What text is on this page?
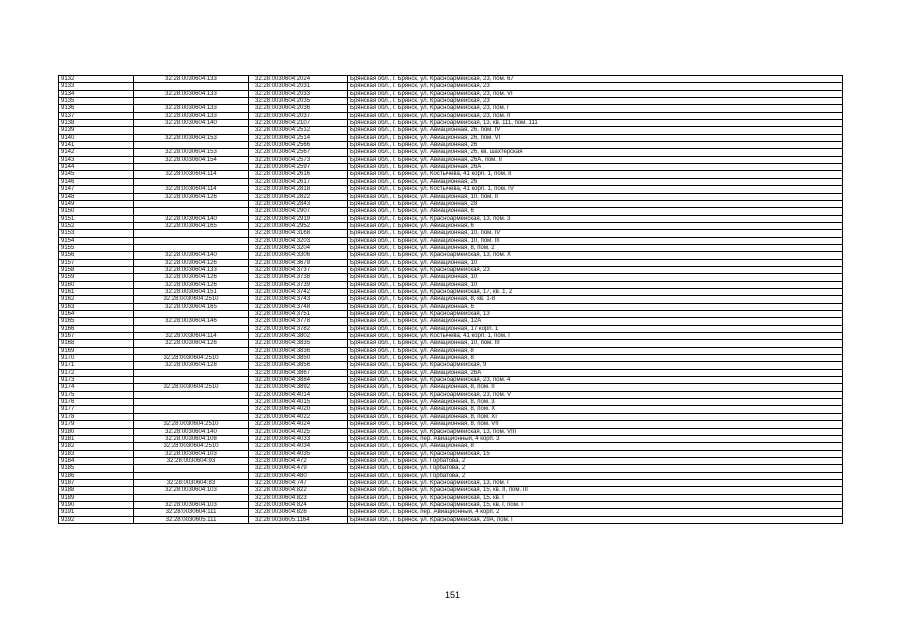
9132	32:28:0030604:133	32:28:0030604:2024	Брянская обл., г. Брянск, ул. Красноармейская, 23, пом. 67
9133		32:28:0030604:2031	Брянская обл., г. Брянск, ул. Красноармейская, 23
9134	32:28:0030604:133	32:28:0030604:2033	Брянская обл., г. Брянск, ул. Красноармейская, 23, пом. VI
9135		32:28:0030604:2035	Брянская обл., г. Брянск, ул. Красноармейская, 23
9136	32:28:0030604:133	32:28:0030604:2036	Брянская обл., г. Брянск, ул. Красноармейская, 23, пом. I
9137	32:28:0030604:133	32:28:0030604:2037	Брянская обл., г. Брянск, ул. Красноармейская, 23, пом. II
9138	32:28:0030604:140	32:28:0030604:2107	Брянская обл., г. Брянск, ул. Красноармейская, 13, кв. 111, пом. 111
9139		32:28:0030604:2512	Брянская обл., г. Брянск, ул. Авиационная, 26, пом. IV
9140	32:28:0030604:153	32:28:0030604:2514	Брянская обл., г. Брянск, ул. Авиационная, 26, пом. VI
9141		32:28:0030604:2566	Брянская обл., г. Брянск, ул. Авиационная, 26
9142	32:28:0030604:153	32:28:0030604:2567	Брянская обл., г. Брянск, ул. Авиационная, 26, кв. шахтерская
9143	32:28:0030604:154	32:28:0030604:2573	Брянская обл., г. Брянск, ул. Авиационная, 26А, пом. II
9144		32:28:0030604:2597	Брянская обл., г. Брянск, ул. Авиационная, 26А
9145	32:28:0030604:114	32:28:0030604:2616	Брянская обл., г. Брянск, ул. Костычева, 41 корп. 1, пом. II
9146		32:28:0030604:2617	Брянская обл., г. Брянск, ул. Авиационная, 26
9147	32:28:0030604:114	32:28:0030604:2818	Брянская обл., г. Брянск, ул. Костычева, 41 корп. 1, пом. IV
9148	32:28:0030604:126	32:28:0030604:2822	Брянская обл., г. Брянск, ул. Авиационная, 10, пом. II
9149		32:28:0030604:2843	Брянская обл., г. Брянск, ул. Авиационная, 28
9150		32:28:0030604:2907	Брянская обл., г. Брянск, ул. Авиационная, 6
9151	32:28:0030604:140	32:28:0030604:2919	Брянская обл., г. Брянск, ул. Красноармейская, 13, пом. 3
9152	32:28:0030604:165	32:28:0030604:2952	Брянская обл., г. Брянск, ул. Авиационная, 6
9153		32:28:0030604:3168	Брянская обл., г. Брянск, ул. Авиационная, 10, пом. IV
9154		32:28:0030604:3203	Брянская обл., г. Брянск, ул. Авиационная, 10, пом. III
9155		32:28:0030604:3204	Брянская обл., г. Брянск, ул. Авиационная, 8, пом. 2
9156	32:28:0030604:140	32:28:0030604:3306	Брянская обл., г. Брянск, ул. Красноармейская, 13, пом. X
9157	32:28:0030604:126	32:28:0030604:3678	Брянская обл., г. Брянск, ул. Авиационная, 10
9158	32:28:0030604:133	32:28:0030604:3737	Брянская обл., г. Брянск, ул. Красноармейская, 23
9159	32:28:0030604:126	32:28:0030604:3738	Брянская обл., г. Брянск, ул. Авиационная, 10
9160	32:28:0030604:126	32:28:0030604:3739	Брянская обл., г. Брянск, ул. Авиационная, 10
9161	32:28:0030604:151	32:28:0030604:3742	Брянская обл., г. Брянск, ул. Красноармейская, 17, кв. 1, 2
9162	32:28:0030604:2510	32:28:0030604:3743	Брянская обл., г. Брянск, ул. Авиационная, 8, кв. 1-8
9163	32:28:0030604:165	32:28:0030604:3748	Брянская обл., г. Брянск, ул. Авиационная, 6
9164		32:28:0030604:3751	Брянская обл., г. Брянск, ул. Красноармейская, 13
9165	32:28:0030604:146	32:28:0030604:3778	Брянская обл., г. Брянск, ул. Авиационная, 12А
9166		32:28:0030604:3782	Брянская обл., г. Брянск, ул. Авиационная, 17 корп. 1
9167	32:28:0030604:114	32:28:0030604:3802	Брянская обл., г. Брянск, ул. Костычева, 41 корп. 1, пом. I
9168	32:28:0030604:126	32:28:0030604:3835	Брянская обл., г. Брянск, ул. Авиационная, 10, пом. III
9169		32:28:0030604:3836	Брянская обл., г. Брянск, ул. Авиационная, 8
9170	32:28:0030604:2510	32:28:0030604:3850	Брянская обл., г. Брянск, ул. Авиационная, 8
9171	32:28:0030604:128	32:28:0030604:3856	Брянская обл., г. Брянск, ул. Красноармейская, 9
9172		32:28:0030604:3867	Брянская обл., г. Брянск, ул. Авиационная, 26А
9173		32:28:0030604:3884	Брянская обл., г. Брянск, ул. Красноармейская, 23, пом. 4
9174	32:28:0030604:2510	32:28:0030604:3892	Брянская обл., г. Брянск, ул. Авиационная, 8, пом. II
9175		32:28:0030604:4014	Брянская обл., г. Брянск, ул. Красноармейская, 23, пом. V
9176		32:28:0030604:4015	Брянская обл., г. Брянск, ул. Авиационная, 8, пом. 3
9177		32:28:0030604:4020	Брянская обл., г. Брянск, ул. Авиационная, 8, пом. X
9178		32:28:0030604:4022	Брянская обл., г. Брянск, ул. Авиационная, 8, пом. XI
9179	32:28:0030604:2510	32:28:0030604:4024	Брянская обл., г. Брянск, ул. Авиационная, 8, пом. VII
9180	32:28:0030604:140	32:28:0030604:4025	Брянская обл., г. Брянск, ул. Красноармейская, 13, пом. VIII
9181	32:28:0030604:108	32:28:0030604:4033	Брянская обл., г. Брянск, пер. Авиационный, 4 корп. 3
9182	32:28:0030604:2510	32:28:0030604:4034	Брянская обл., г. Брянск, ул. Авиационная, 8
9183	32:28:0030604:103	32:28:0030604:4035	Брянская обл., г. Брянск, ул. Красноармейская, 15
9184	32:28:0030604:93	32:28:0030604:472	Брянская обл., г. Брянск, ул. Горбатова, 2
9185		32:28:0030604:479	Брянская обл., г. Брянск, ул. Горбатова, 2
9186		32:28:0030604:480	Брянская обл., г. Брянск, ул. Горбатова, 2
9187	32:28:0030604:83	32:28:0030604:747	Брянская обл., г. Брянск, ул. Красноармейская, 13, пом. I
9188	32:28:0030604:103	32:28:0030604:822	Брянская обл., г. Брянск, ул. Красноармейская, 15, кв. II, пом. III
9189		32:28:0030604:823	Брянская обл., г. Брянск, ул. Красноармейская, 15, кв. I
9190	32:28:0030604:103	32:28:0030604:824	Брянская обл., г. Брянск, ул. Красноармейская, 15, кв. I, пом. I
9191	32:28:0030604:111	32:28:0030604:826	Брянская обл., г. Брянск, пер. Авиационный, 4 корп. 2
9192	32:28:0030605:111	32:28:0030605:1164	Брянская обл., г. Брянск, ул. Красноармейская, 29А, пом. I
151
